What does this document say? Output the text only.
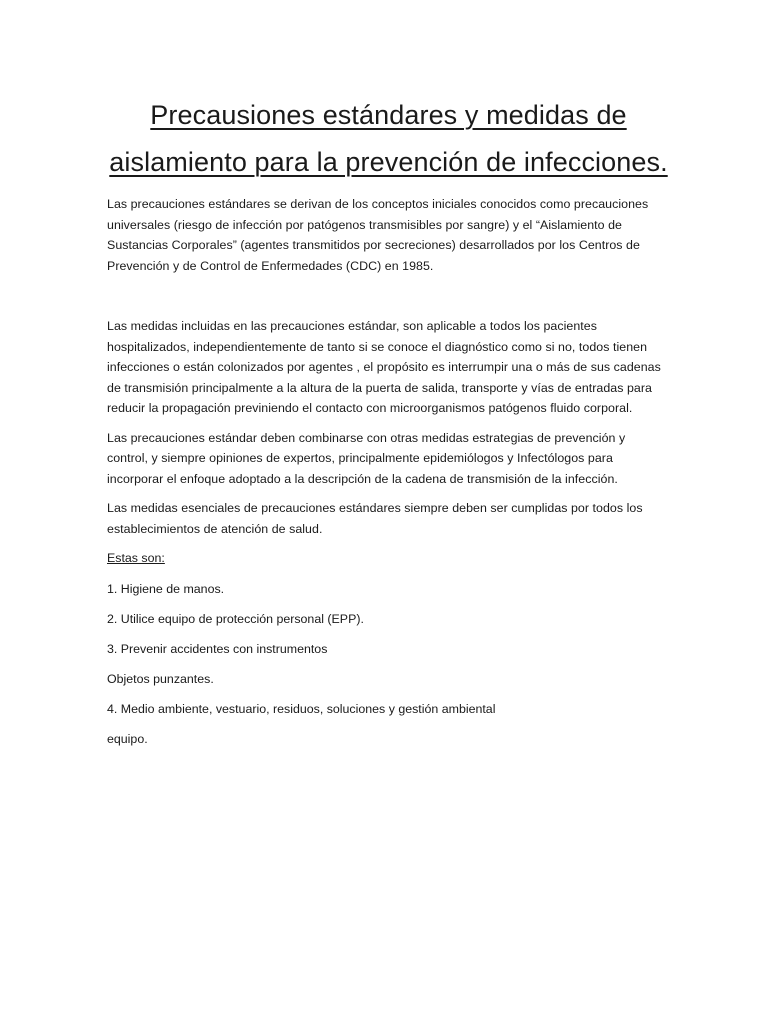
Precausiones estándares y medidas de aislamiento para la prevención de infecciones.

Las precauciones estándares se derivan de los conceptos iniciales conocidos como precauciones universales (riesgo de infección por patógenos transmisibles por sangre) y el “Aislamiento de Sustancias Corporales” (agentes transmitidos por secreciones) desarrollados por los Centros de Prevención y de Control de Enfermedades (CDC) en 1985.

Las medidas incluidas en las precauciones estándar, son aplicable a todos los pacientes hospitalizados, independientemente de tanto si se conoce el diagnóstico como si no, todos tienen infecciones o están colonizados por agentes , el propósito es interrumpir una o más de sus cadenas de transmisión principalmente a la altura de la puerta de salida, transporte y vías de entradas para reducir la propagación previniendo el contacto con microorganismos patógenos fluido corporal.

Las precauciones estándar deben combinarse con otras medidas estrategias de prevención y control, y siempre opiniones de expertos, principalmente epidemiólogos y Infectólogos para incorporar el enfoque adoptado a la descripción de la cadena de transmisión de la infección.

Las medidas esenciales de precauciones estándares siempre deben ser cumplidas por todos los establecimientos de atención de salud.

Estas son:
1. Higiene de manos.
2. Utilice equipo de protección personal (EPP).
3. Prevenir accidentes con instrumentos
Objetos punzantes.
4. Medio ambiente, vestuario, residuos, soluciones y gestión ambiental
equipo.
